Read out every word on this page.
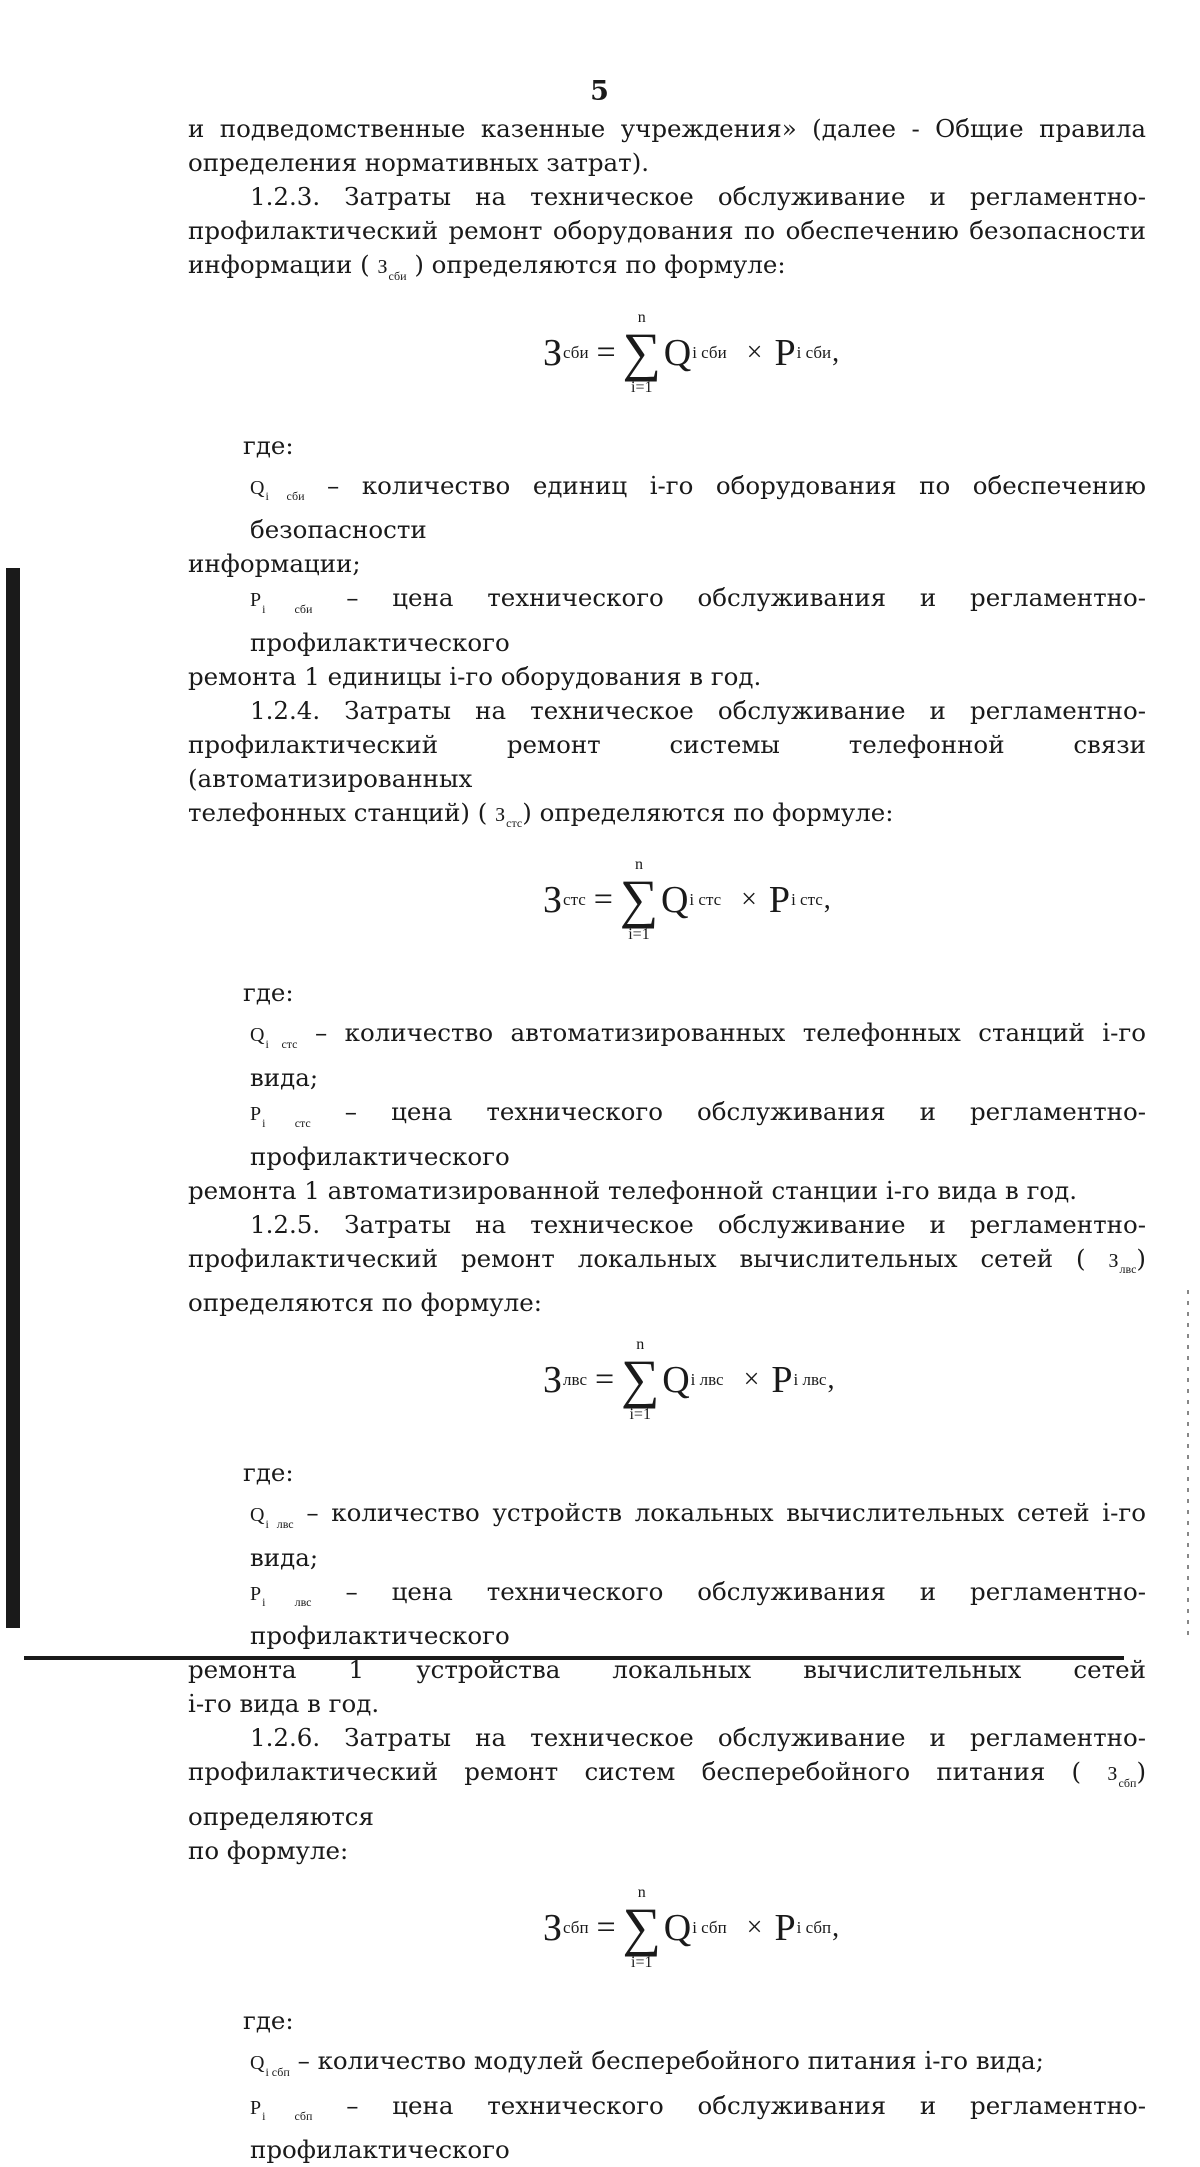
5

и подведомственные казенные учреждения» (далее - Общие правила

определения нормативных затрат).

1.2.3. Затраты на техническое обслуживание и регламентно-

профилактический ремонт оборудования по обеспечению безопасности

информации ( $З_{сби}$ ) определяются по формуле:

З сби =
n
∑
i=1
Q i сби × P i сби ,

где:

$Q_{i сби}$ – количество единиц i-го оборудования по обеспечению безопасности

информации;

$P_{i сби}$ – цена технического обслуживания и регламентно-профилактического

ремонта 1 единицы i-го оборудования в год.

1.2.4. Затраты на техническое обслуживание и регламентно-

профилактический ремонт системы телефонной связи (автоматизированных

телефонных станций) ( $З_{стс}$) определяются по формуле:

З стс =
n
∑
i=1
Q i стс × P i стс ,

где:

$Q_{i стс}$ – количество автоматизированных телефонных станций i-го вида;

$P_{i стс}$ – цена технического обслуживания и регламентно-профилактического

ремонта 1 автоматизированной телефонной станции i-го вида в год.

1.2.5. Затраты на техническое обслуживание и регламентно-

профилактический ремонт локальных вычислительных сетей ( $З_{лвс}$)

определяются по формуле:

З лвс =
n
∑
i=1
Q i лвс × P i лвс ,

где:

$Q_{i лвс}$ – количество устройств локальных вычислительных сетей i-го вида;

$P_{i лвс}$ – цена технического обслуживания и регламентно-профилактического

ремонта 1 устройства локальных вычислительных сетей

i-го вида в год.

1.2.6. Затраты на техническое обслуживание и регламентно-

профилактический ремонт систем бесперебойного питания ( $З_{сбп}$) определяются

по формуле:

З сбп =
n
∑
i=1
Q i сбп × P i сбп ,

где:

$Q_{i сбп}$ – количество модулей бесперебойного питания i-го вида;

$P_{i сбп}$ – цена технического обслуживания и регламентно-профилактического
